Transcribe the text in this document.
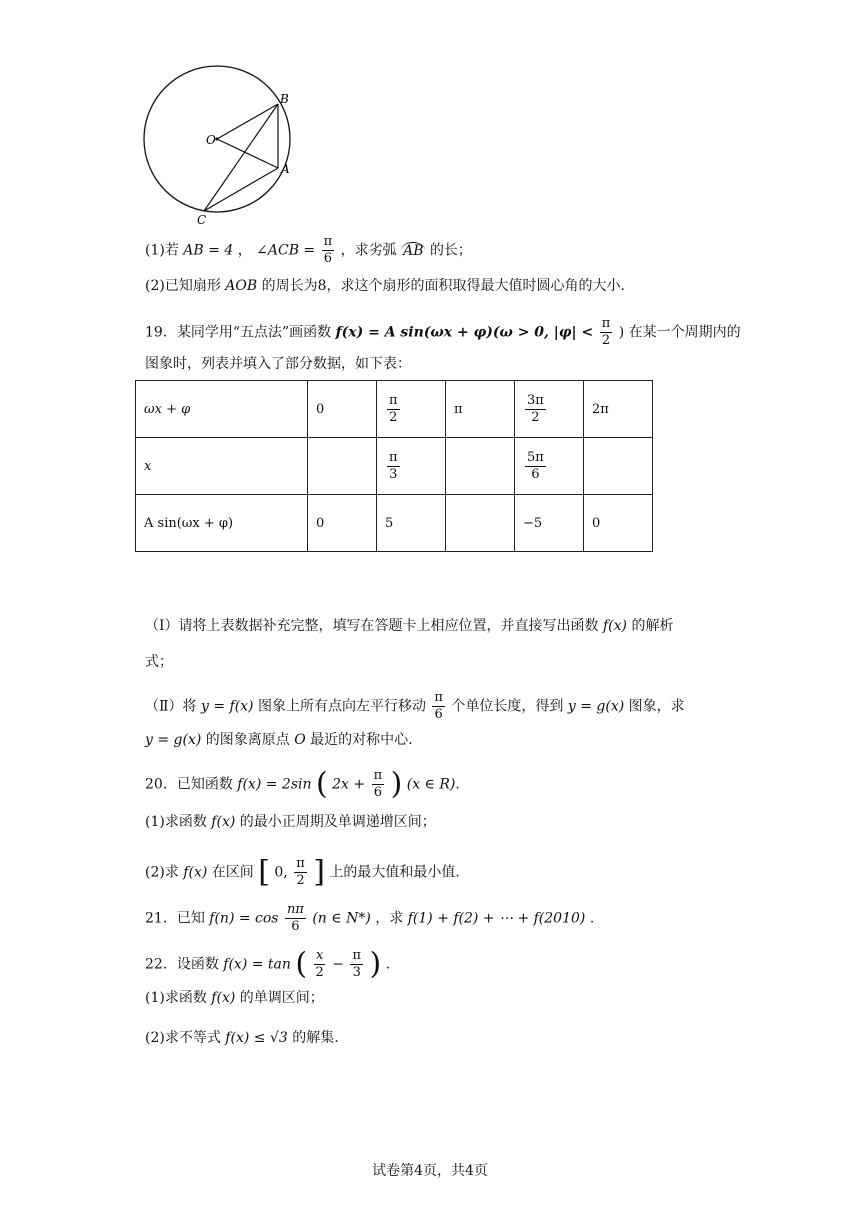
O
B
A
C
(1)若 AB = 4 ， ∠ACB = $\frac{\pi}{6}$ ，求劣弧 AB 的长；
(2)已知扇形 AOB 的周长为8，求这个扇形的面积取得最大值时圆心角的大小.
19．某同学用“五点法”画函数 f(x) = A sin(ωx + φ)(ω > 0, $|\varphi| < \frac{\pi}{2}$ ) 在某一个周期内的
图象时，列表并填入了部分数据，如下表：
ωx + φ	0	$\frac{\pi}{2}$	π	$\frac{3\pi}{2}$	2π
x		$\frac{\pi}{3}$		$\frac{5\pi}{6}$

A sin(ωx + φ)	0	5		−5	0
（Ⅰ）请将上表数据补充完整，填写在答题卡上相应位置，并直接写出函数 f(x) 的解析
式；
（Ⅱ）将 y = f(x) 图象上所有点向左平行移动 $\frac{\pi}{6}$ 个单位长度，得到 y = g(x) 图象，求
y = g(x) 的图象离原点 O 最近的对称中心.
20．已知函数 f(x) = 2sin ( $2x + \frac{\pi}{6}$ ) (x ∈ R).
(1)求函数 f(x) 的最小正周期及单调递增区间；
(2)求 f(x) 在区间 [ 0, $\frac{\pi}{2}$ ] 上的最大值和最小值.
21．已知 $f(n) = \cos \frac{n\pi}{6} (n$ ∈ N*) ，求 f(1) + f(2) + ⋯ + f(2010) .
22．设函数 f(x) = tan ( $\frac{x}{2} - \frac{\pi}{3}$ ) .
(1)求函数 f(x) 的单调区间；
(2)求不等式 f(x) ≤ √3 的解集.
试卷第4页，共4页
